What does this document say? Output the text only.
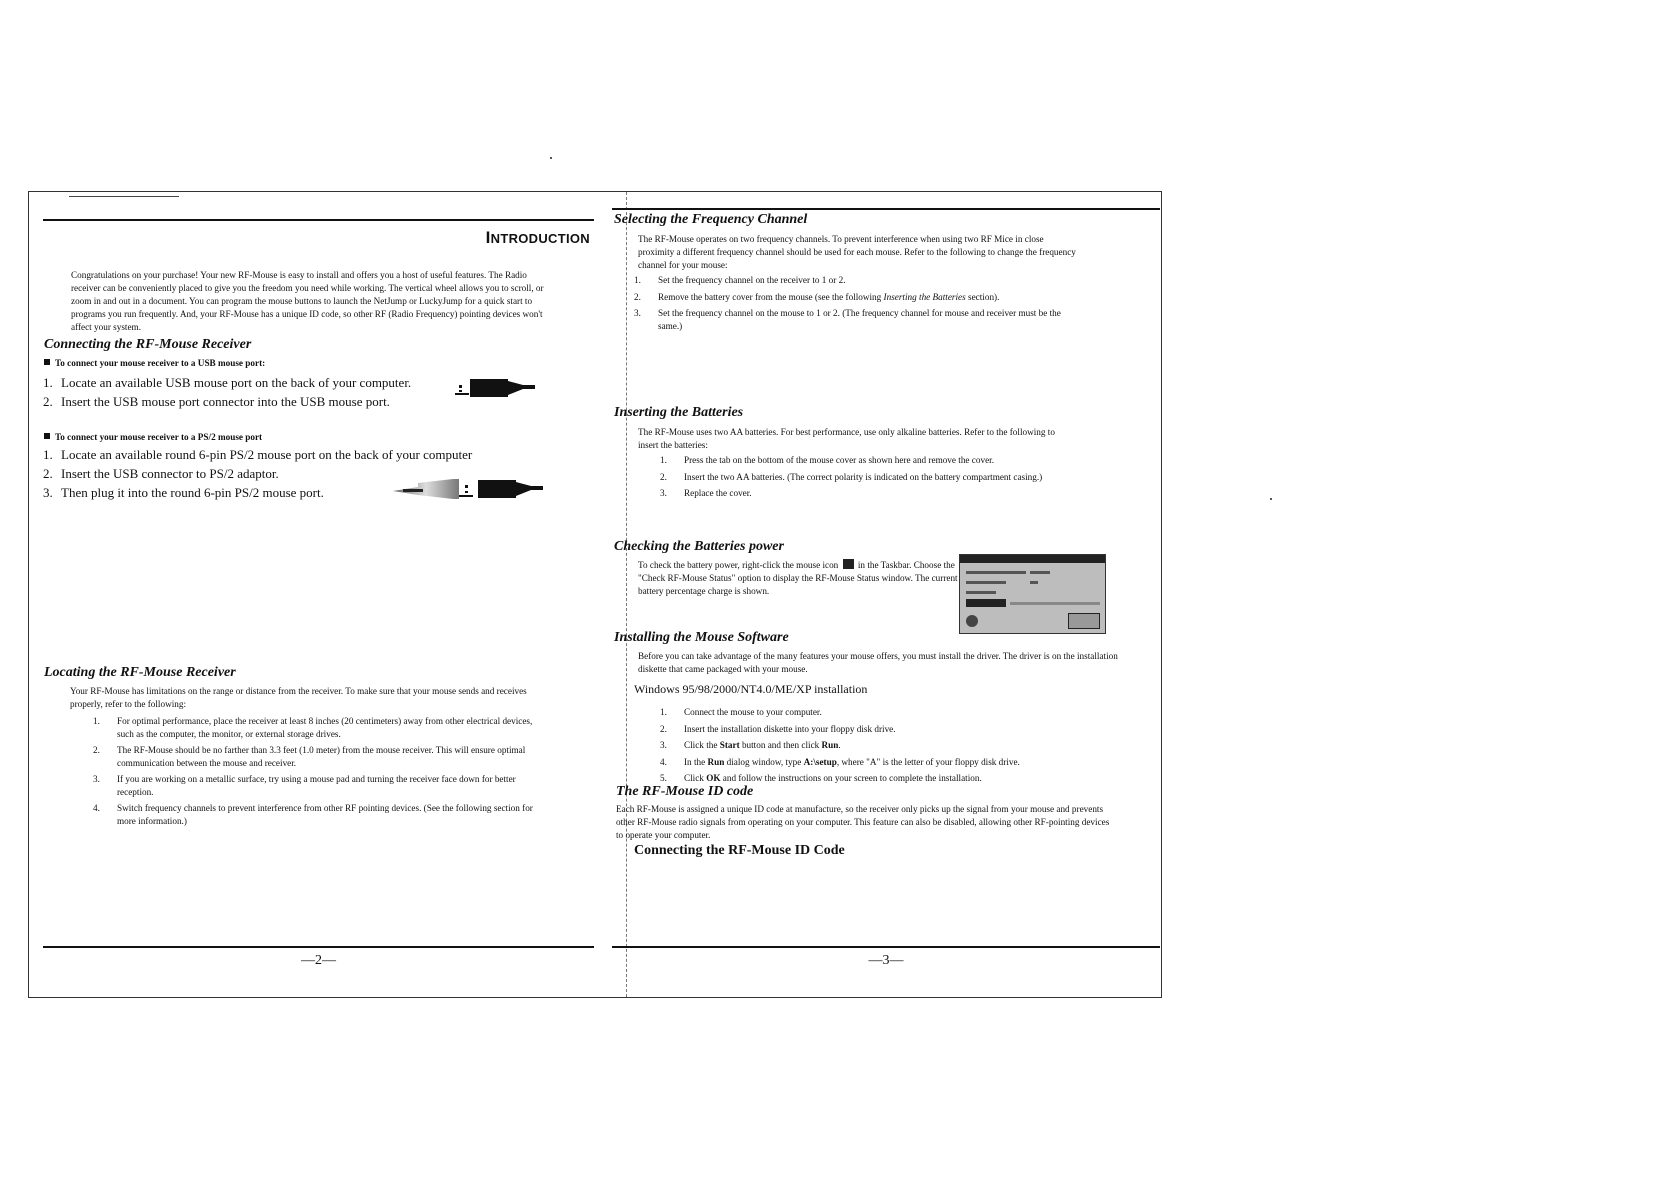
INTRODUCTION
Congratulations on your purchase! Your new RF-Mouse is easy to install and offers you a host of useful features. The Radio receiver can be conveniently placed to give you the freedom you need while working. The vertical wheel allows you to scroll, or zoom in and out in a document. You can program the mouse buttons to launch the NetJump or LuckyJump for a quick start to programs you run frequently. And, your RF-Mouse has a unique ID code, so other RF (Radio Frequency) pointing devices won't affect your system.
Connecting the RF-Mouse Receiver
To connect your mouse receiver to a USB mouse port:
1. Locate an available USB mouse port on the back of your computer.
2. Insert the USB mouse port connector into the USB mouse port.
To connect your mouse receiver to a PS/2 mouse port
1. Locate an available round 6-pin PS/2 mouse port on the back of your computer
2. Insert the USB connector to PS/2 adaptor.
3. Then plug it into the round 6-pin PS/2 mouse port.
Locating the RF-Mouse Receiver
Your RF-Mouse has limitations on the range or distance from the receiver. To make sure that your mouse sends and receives properly, refer to the following:
1. For optimal performance, place the receiver at least 8 inches (20 centimeters) away from other electrical devices, such as the computer, the monitor, or external storage drives.
2. The RF-Mouse should be no farther than 3.3 feet (1.0 meter) from the mouse receiver. This will ensure optimal communication between the mouse and receiver.
3. If you are working on a metallic surface, try using a mouse pad and turning the receiver face down for better reception.
4. Switch frequency channels to prevent interference from other RF pointing devices. (See the following section for more information.)
—2—
Selecting the Frequency Channel
The RF-Mouse operates on two frequency channels. To prevent interference when using two RF Mice in close proximity a different frequency channel should be used for each mouse. Refer to the following to change the frequency channel for your mouse:
1. Set the frequency channel on the receiver to 1 or 2.
2. Remove the battery cover from the mouse (see the following Inserting the Batteries section).
3. Set the frequency channel on the mouse to 1 or 2. (The frequency channel for mouse and receiver must be the same.)
Inserting the Batteries
The RF-Mouse uses two AA batteries. For best performance, use only alkaline batteries. Refer to the following to insert the batteries:
1. Press the tab on the bottom of the mouse cover as shown here and remove the cover.
2. Insert the two AA batteries. (The correct polarity is indicated on the battery compartment casing.)
3. Replace the cover.
Checking the Batteries power
To check the battery power, right-click the mouse icon in the Taskbar. Choose the "Check RF-Mouse Status" option to display the RF-Mouse Status window. The current battery percentage charge is shown.
Installing the Mouse Software
Before you can take advantage of the many features your mouse offers, you must install the driver. The driver is on the installation diskette that came packaged with your mouse.
Windows 95/98/2000/NT4.0/ME/XP installation
1. Connect the mouse to your computer.
2. Insert the installation diskette into your floppy disk drive.
3. Click the Start button and then click Run.
4. In the Run dialog window, type A:\setup, where "A" is the letter of your floppy disk drive.
5. Click OK and follow the instructions on your screen to complete the installation.
The RF-Mouse ID code
Each RF-Mouse is assigned a unique ID code at manufacture, so the receiver only picks up the signal from your mouse and prevents other RF-Mouse radio signals from operating on your computer. This feature can also be disabled, allowing other RF-pointing devices to operate your computer.
Connecting the RF-Mouse ID Code
—3—
